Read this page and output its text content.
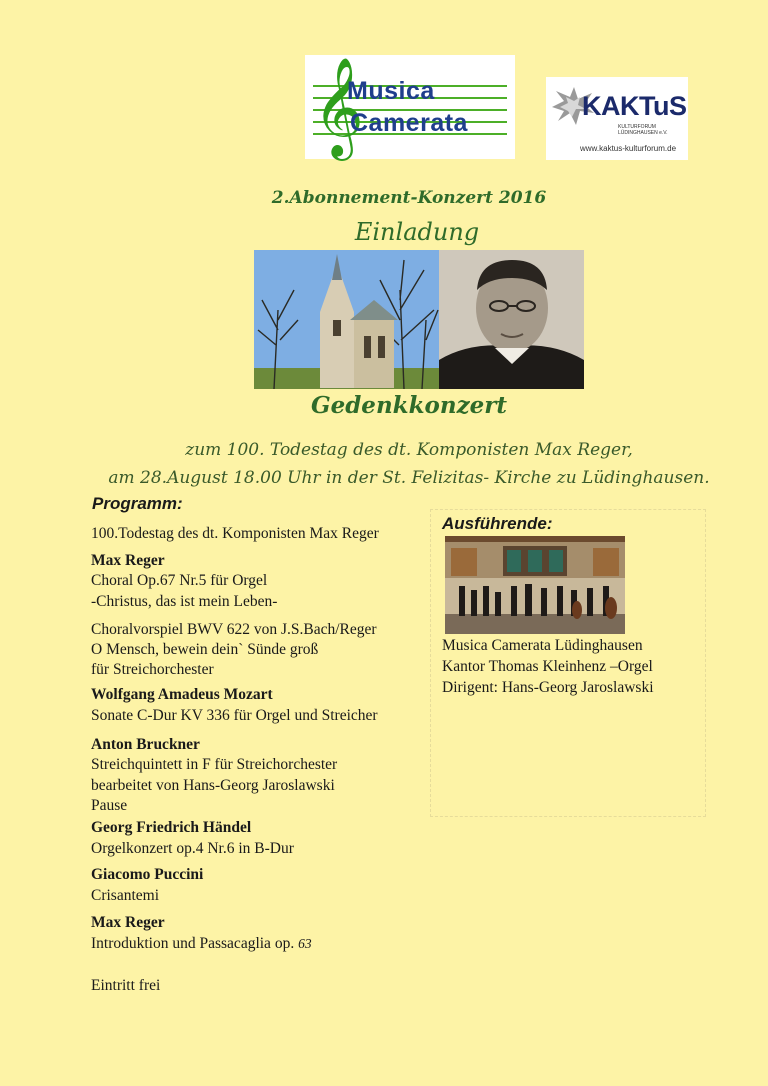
𝄞
Musica
Camerata
KAKTuS
KULTURFORUM LÜDINGHAUSEN e.V.
www.kaktus-kulturforum.de
2.Abonnement-Konzert 2016
Einladung
Gedenkkonzert
zum 100. Todestag des dt. Komponisten Max Reger,
am 28.August 18.00 Uhr in der St. Felizitas- Kirche zu Lüdinghausen.
Programm:
100.Todestag des dt. Komponisten Max Reger
Max Reger
Choral Op.67 Nr.5 für Orgel
-Christus, das ist mein Leben-
Choralvorspiel BWV 622 von J.S.Bach/Reger
O Mensch, bewein dein` Sünde groß
für Streichorchester
Wolfgang Amadeus Mozart
Sonate C-Dur KV 336 für Orgel und Streicher
Anton Bruckner
Streichquintett in F für Streichorchester
bearbeitet von Hans-Georg Jaroslawski
Pause
Georg Friedrich Händel
Orgelkonzert op.4 Nr.6 in B-Dur
Giacomo Puccini
Crisantemi
Max Reger
Introduktion und Passacaglia op. 63
Eintritt frei
Ausführende:
Musica Camerata Lüdinghausen
Kantor Thomas Kleinhenz –Orgel
Dirigent: Hans-Georg Jaroslawski
